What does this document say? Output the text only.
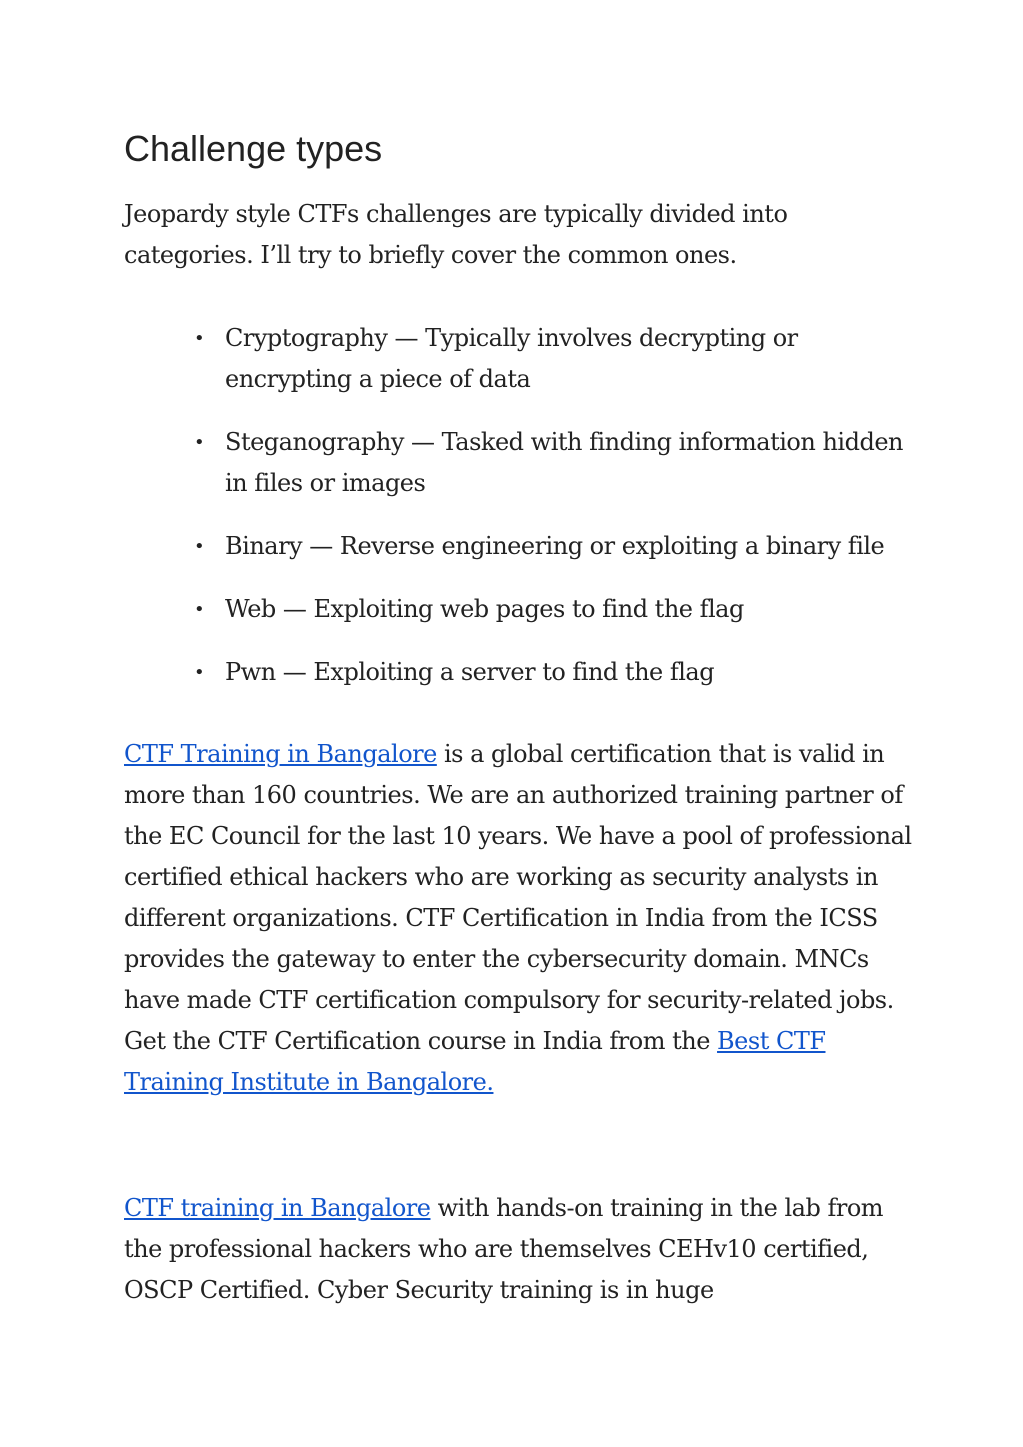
Challenge types

Jeopardy style CTFs challenges are typically divided into categories. I’ll try to briefly cover the common ones.

• Cryptography — Typically involves decrypting or encrypting a piece of data
• Steganography — Tasked with finding information hidden in files or images
• Binary — Reverse engineering or exploiting a binary file
• Web — Exploiting web pages to find the flag
• Pwn — Exploiting a server to find the flag

CTF Training in Bangalore is a global certification that is valid in more than 160 countries. We are an authorized training partner of the EC Council for the last 10 years. We have a pool of professional certified ethical hackers who are working as security analysts in different organizations. CTF Certification in India from the ICSS provides the gateway to enter the cybersecurity domain. MNCs have made CTF certification compulsory for security-related jobs. Get the CTF Certification course in India from the Best CTF Training Institute in Bangalore.

CTF training in Bangalore with hands-on training in the lab from the professional hackers who are themselves CEHv10 certified, OSCP Certified. Cyber Security training is in huge
